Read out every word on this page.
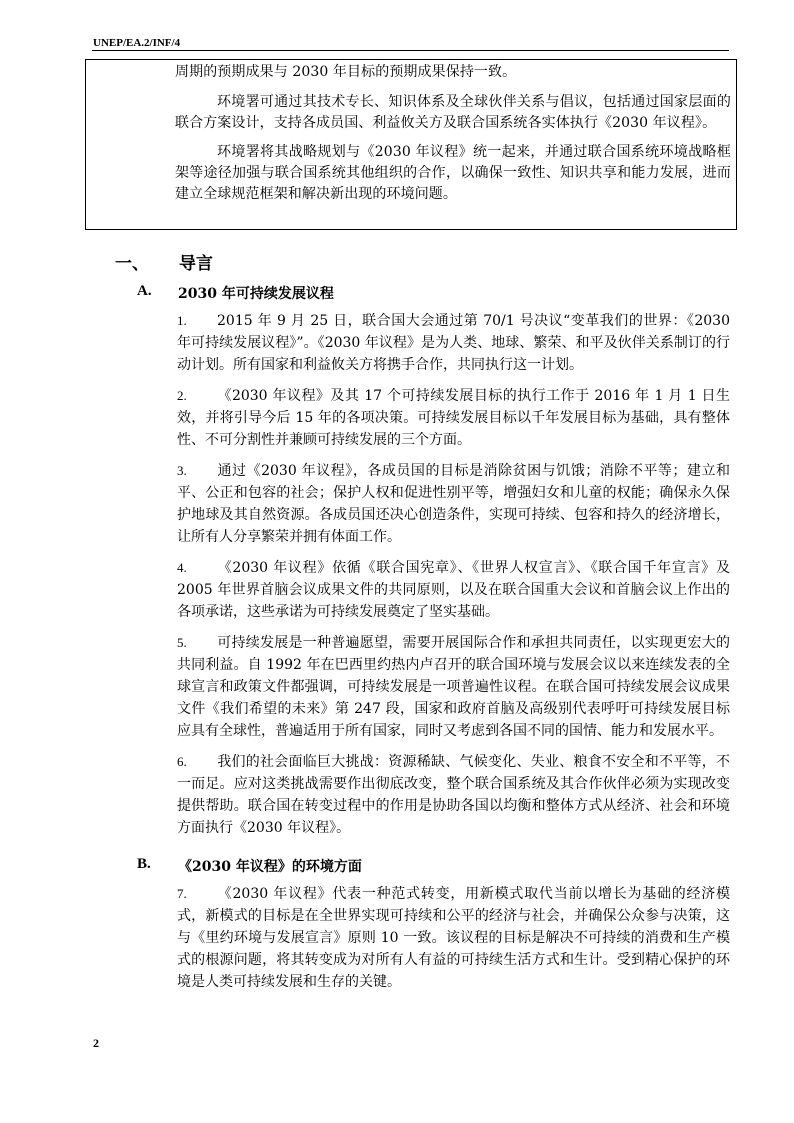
UNEP/EA.2/INF/4

周期的预期成果与 2030 年目标的预期成果保持一致。

环境署可通过其技术专长、知识体系及全球伙伴关系与倡议，包括通过国家层面的联合方案设计，支持各成员国、利益攸关方及联合国系统各实体执行《2030 年议程》。

环境署将其战略规划与《2030 年议程》统一起来，并通过联合国系统环境战略框架等途径加强与联合国系统其他组织的合作，以确保一致性、知识共享和能力发展，进而建立全球规范框架和解决新出现的环境问题。

一、	导言
A.	2030 年可持续发展议程

1. 2015 年 9 月 25 日，联合国大会通过第 70/1 号决议“变革我们的世界：《2030 年可持续发展议程》”。《2030 年议程》是为人类、地球、繁荣、和平及伙伴关系制订的行动计划。所有国家和利益攸关方将携手合作，共同执行这一计划。

2. 《2030 年议程》及其 17 个可持续发展目标的执行工作于 2016 年 1 月 1 日生效，并将引导今后 15 年的各项决策。可持续发展目标以千年发展目标为基础，具有整体性、不可分割性并兼顾可持续发展的三个方面。

3. 通过《2030 年议程》，各成员国的目标是消除贫困与饥饿；消除不平等；建立和平、公正和包容的社会；保护人权和促进性别平等，增强妇女和儿童的权能；确保永久保护地球及其自然资源。各成员国还决心创造条件，实现可持续、包容和持久的经济增长，让所有人分享繁荣并拥有体面工作。

4. 《2030 年议程》依循《联合国宪章》、《世界人权宣言》、《联合国千年宣言》及 2005 年世界首脑会议成果文件的共同原则，以及在联合国重大会议和首脑会议上作出的各项承诺，这些承诺为可持续发展奠定了坚实基础。

5. 可持续发展是一种普遍愿望，需要开展国际合作和承担共同责任，以实现更宏大的共同利益。自 1992 年在巴西里约热内卢召开的联合国环境与发展会议以来连续发表的全球宣言和政策文件都强调，可持续发展是一项普遍性议程。在联合国可持续发展会议成果文件《我们希望的未来》第 247 段，国家和政府首脑及高级别代表呼吁可持续发展目标应具有全球性，普遍适用于所有国家，同时又考虑到各国不同的国情、能力和发展水平。

6. 我们的社会面临巨大挑战：资源稀缺、气候变化、失业、粮食不安全和不平等，不一而足。应对这类挑战需要作出彻底改变，整个联合国系统及其合作伙伴必须为实现改变提供帮助。联合国在转变过程中的作用是协助各国以均衡和整体方式从经济、社会和环境方面执行《2030 年议程》。

B.	《2030 年议程》的环境方面

7. 《2030 年议程》代表一种范式转变，用新模式取代当前以增长为基础的经济模式，新模式的目标是在全世界实现可持续和公平的经济与社会，并确保公众参与决策，这与《里约环境与发展宣言》原则 10 一致。该议程的目标是解决不可持续的消费和生产模式的根源问题，将其转变成为对所有人有益的可持续生活方式和生计。受到精心保护的环境是人类可持续发展和生存的关键。

2
